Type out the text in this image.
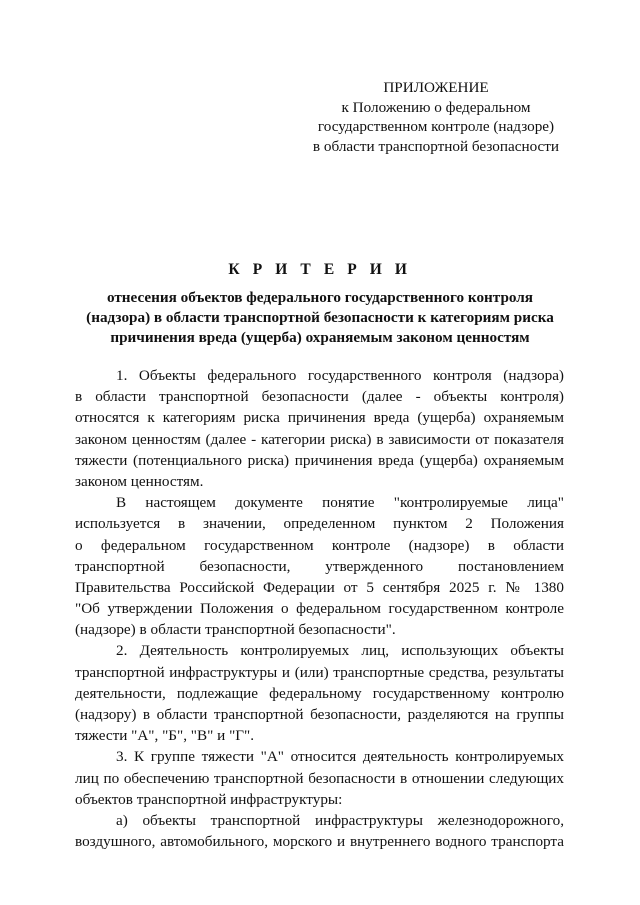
ПРИЛОЖЕНИЕ
к Положению о федеральном
государственном контроле (надзоре)
в области транспортной безопасности
К Р И Т Е Р И И
отнесения объектов федерального государственного контроля
(надзора) в области транспортной безопасности к категориям риска
причинения вреда (ущерба) охраняемым законом ценностям
1. Объекты федерального государственного контроля (надзора)
в области транспортной безопасности (далее - объекты контроля)
относятся к категориям риска причинения вреда (ущерба) охраняемым
законом ценностям (далее - категории риска) в зависимости от показателя
тяжести (потенциального риска) причинения вреда (ущерба) охраняемым
законом ценностям.
В настоящем документе понятие "контролируемые лица"
используется в значении, определенном пунктом 2 Положения
о федеральном государственном контроле (надзоре) в области
транспортной безопасности, утвержденного постановлением
Правительства Российской Федерации от 5 сентября 2025 г. № 1380
"Об утверждении Положения о федеральном государственном контроле
(надзоре) в области транспортной безопасности".
2. Деятельность контролируемых лиц, использующих объекты
транспортной инфраструктуры и (или) транспортные средства, результаты
деятельности, подлежащие федеральному государственному контролю
(надзору) в области транспортной безопасности, разделяются на группы
тяжести "А", "Б", "В" и "Г".
3. К группе тяжести "А" относится деятельность контролируемых
лиц по обеспечению транспортной безопасности в отношении следующих
объектов транспортной инфраструктуры:
а) объекты транспортной инфраструктуры железнодорожного,
воздушного, автомобильного, морского и внутреннего водного транспорта
